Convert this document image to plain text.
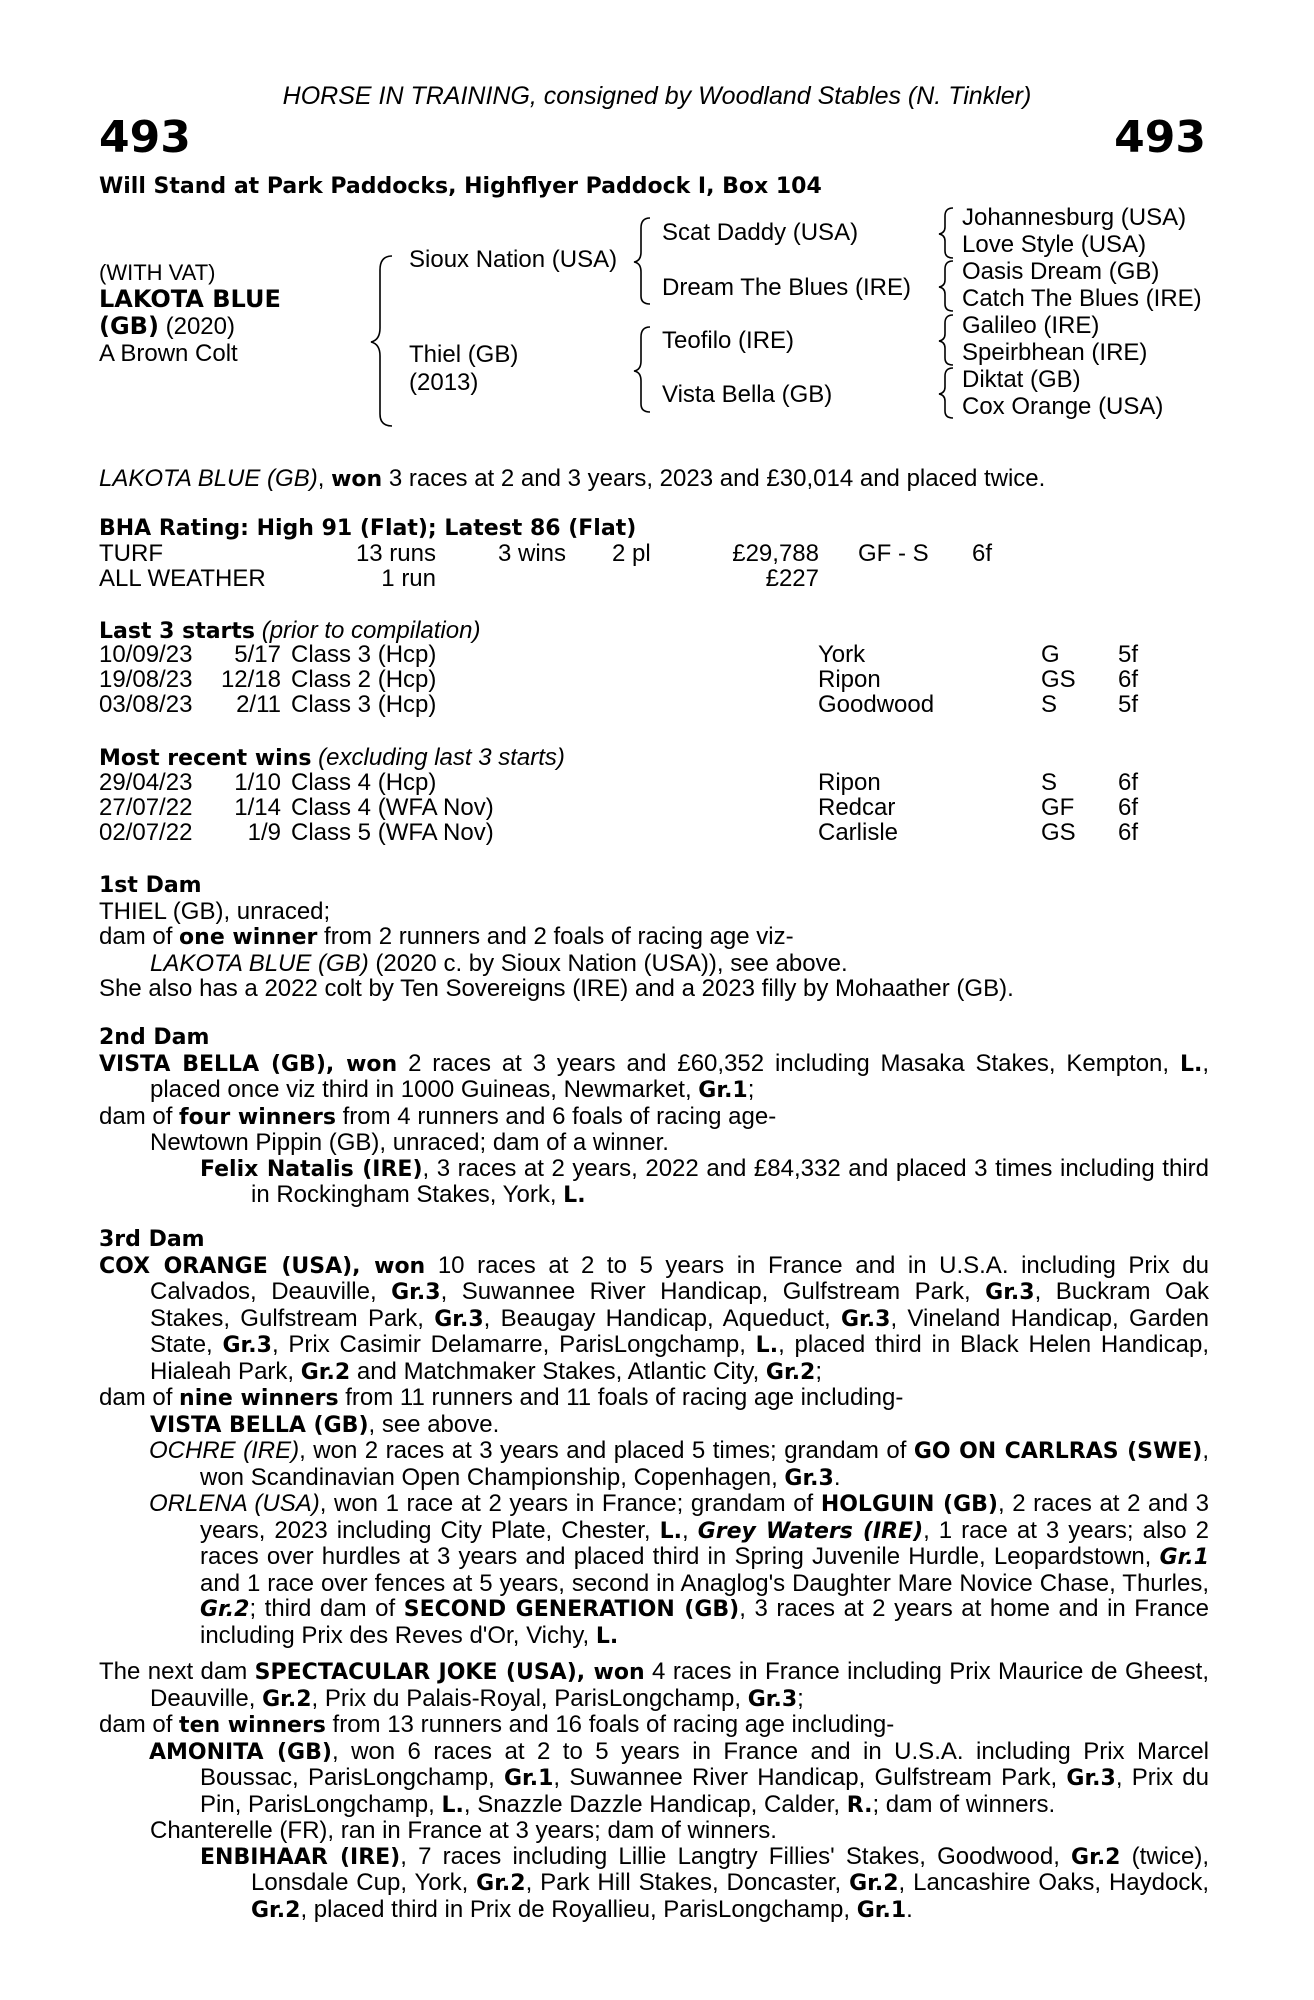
HORSE IN TRAINING, consigned by Woodland Stables (N. Tinkler)
493	493
Will Stand at Park Paddocks, Highflyer Paddock I, Box 104
(WITH VAT)
LAKOTA BLUE
(GB) (2020)
A Brown Colt
Sioux Nation (USA)
Thiel (GB)
(2013)
Scat Daddy (USA)
Dream The Blues (IRE)
Teofilo (IRE)
Vista Bella (GB)
Johannesburg (USA)
Love Style (USA)
Oasis Dream (GB)
Catch The Blues (IRE)
Galileo (IRE)
Speirbhean (IRE)
Diktat (GB)
Cox Orange (USA)
LAKOTA BLUE (GB), won 3 races at 2 and 3 years, 2023 and £30,014 and placed twice.
BHA Rating: High 91 (Flat); Latest 86 (Flat)
TURF	13 runs	3 wins 2 pl	£29,788 GF - S 6f
ALL WEATHER	1 run	£227
Last 3 starts (prior to compilation)
10/09/23	5/17 Class 3 (Hcp)	York	G 5f
19/08/23	12/18 Class 2 (Hcp)	Ripon	GS 6f
03/08/23	2/11 Class 3 (Hcp)	Goodwood	S	5f
Most recent wins (excluding last 3 starts)
29/04/23	1/10 Class 4 (Hcp)	Ripon	S	6f
27/07/22	1/14 Class 4 (WFA Nov)	Redcar	GF 6f
02/07/22	1/9 Class 5 (WFA Nov)	Carlisle	GS 6f
1st Dam
THIEL (GB), unraced;
dam of one winner from 2 runners and 2 foals of racing age viz-
LAKOTA BLUE (GB) (2020 c. by Sioux Nation (USA)), see above.
She also has a 2022 colt by Ten Sovereigns (IRE) and a 2023 filly by Mohaather (GB).
2nd Dam
VISTA BELLA (GB), won 2 races at 3 years and £60,352 including Masaka Stakes, Kempton, L., placed once viz third in 1000 Guineas, Newmarket, Gr.1;
dam of four winners from 4 runners and 6 foals of racing age-
Newtown Pippin (GB), unraced; dam of a winner.
Felix Natalis (IRE), 3 races at 2 years, 2022 and £84,332 and placed 3 times including third in Rockingham Stakes, York, L.
3rd Dam
COX ORANGE (USA), won 10 races at 2 to 5 years in France and in U.S.A. including Prix du Calvados, Deauville, Gr.3, Suwannee River Handicap, Gulfstream Park, Gr.3, Buckram Oak Stakes, Gulfstream Park, Gr.3, Beaugay Handicap, Aqueduct, Gr.3, Vineland Handicap, Garden State, Gr.3, Prix Casimir Delamarre, ParisLongchamp, L., placed third in Black Helen Handicap, Hialeah Park, Gr.2 and Matchmaker Stakes, Atlantic City, Gr.2;
dam of nine winners from 11 runners and 11 foals of racing age including-
VISTA BELLA (GB), see above.
OCHRE (IRE), won 2 races at 3 years and placed 5 times; grandam of GO ON CARLRAS (SWE), won Scandinavian Open Championship, Copenhagen, Gr.3.
ORLENA (USA), won 1 race at 2 years in France; grandam of HOLGUIN (GB), 2 races at 2 and 3 years, 2023 including City Plate, Chester, L., Grey Waters (IRE), 1 race at 3 years; also 2 races over hurdles at 3 years and placed third in Spring Juvenile Hurdle, Leopardstown, Gr.1 and 1 race over fences at 5 years, second in Anaglog's Daughter Mare Novice Chase, Thurles, Gr.2; third dam of SECOND GENERATION (GB), 3 races at 2 years at home and in France including Prix des Reves d'Or, Vichy, L.
The next dam SPECTACULAR JOKE (USA), won 4 races in France including Prix Maurice de Gheest, Deauville, Gr.2, Prix du Palais-Royal, ParisLongchamp, Gr.3;
dam of ten winners from 13 runners and 16 foals of racing age including-
AMONITA (GB), won 6 races at 2 to 5 years in France and in U.S.A. including Prix Marcel Boussac, ParisLongchamp, Gr.1, Suwannee River Handicap, Gulfstream Park, Gr.3, Prix du Pin, ParisLongchamp, L., Snazzle Dazzle Handicap, Calder, R.; dam of winners.
Chanterelle (FR), ran in France at 3 years; dam of winners.
ENBIHAAR (IRE), 7 races including Lillie Langtry Fillies' Stakes, Goodwood, Gr.2 (twice), Lonsdale Cup, York, Gr.2, Park Hill Stakes, Doncaster, Gr.2, Lancashire Oaks, Haydock, Gr.2, placed third in Prix de Royallieu, ParisLongchamp, Gr.1.
